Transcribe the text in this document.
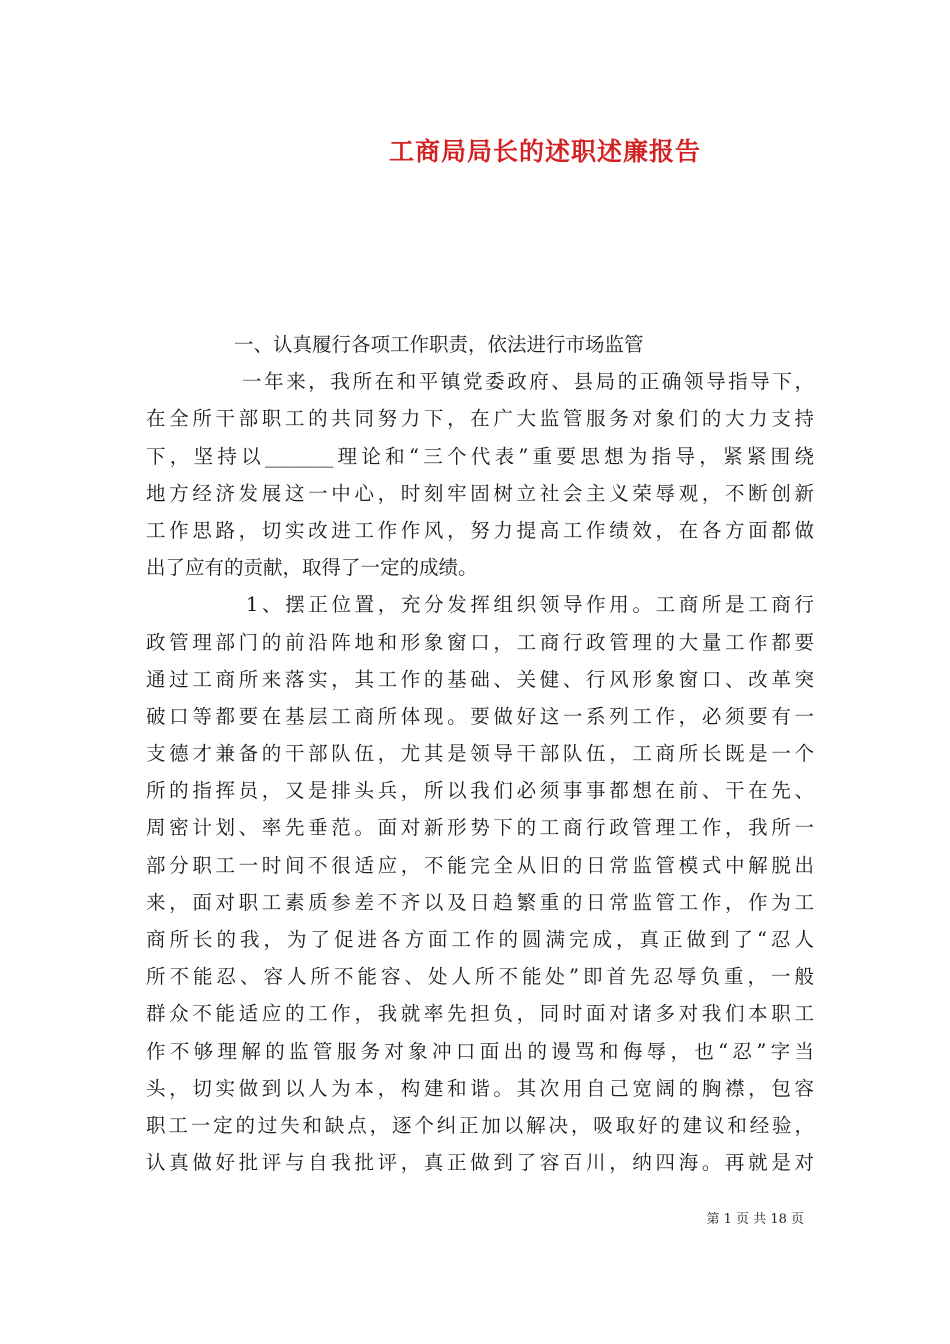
工商局局长的述职述廉报告
一、认真履行各项工作职责，依法进行市场监管
一年来，我所在和平镇党委政府、县局的正确领导指导下，
在全所干部职工的共同努力下，在广大监管服务对象们的大力支持
下，坚持以_______理论和“三个代表”重要思想为指导，紧紧围绕
地方经济发展这一中心，时刻牢固树立社会主义荣辱观，不断创新
工作思路，切实改进工作作风，努力提高工作绩效，在各方面都做
出了应有的贡献，取得了一定的成绩。
1、摆正位置，充分发挥组织领导作用。工商所是工商行
政管理部门的前沿阵地和形象窗口，工商行政管理的大量工作都要
通过工商所来落实，其工作的基础、关健、行风形象窗口、改革突
破口等都要在基层工商所体现。要做好这一系列工作，必须要有一
支德才兼备的干部队伍，尤其是领导干部队伍，工商所长既是一个
所的指挥员，又是排头兵，所以我们必须事事都想在前、干在先、
周密计划、率先垂范。面对新形势下的工商行政管理工作，我所一
部分职工一时间不很适应，不能完全从旧的日常监管模式中解脱出
来，面对职工素质参差不齐以及日趋繁重的日常监管工作，作为工
商所长的我，为了促进各方面工作的圆满完成，真正做到了“忍人
所不能忍、容人所不能容、处人所不能处”即首先忍辱负重，一般
群众不能适应的工作，我就率先担负，同时面对诸多对我们本职工
作不够理解的监管服务对象冲口面出的谩骂和侮辱，也“忍”字当
头，切实做到以人为本，构建和谐。其次用自己宽阔的胸襟，包容
职工一定的过失和缺点，逐个纠正加以解决，吸取好的建议和经验，
认真做好批评与自我批评，真正做到了容百川，纳四海。再就是对
第 1 页 共 18 页
